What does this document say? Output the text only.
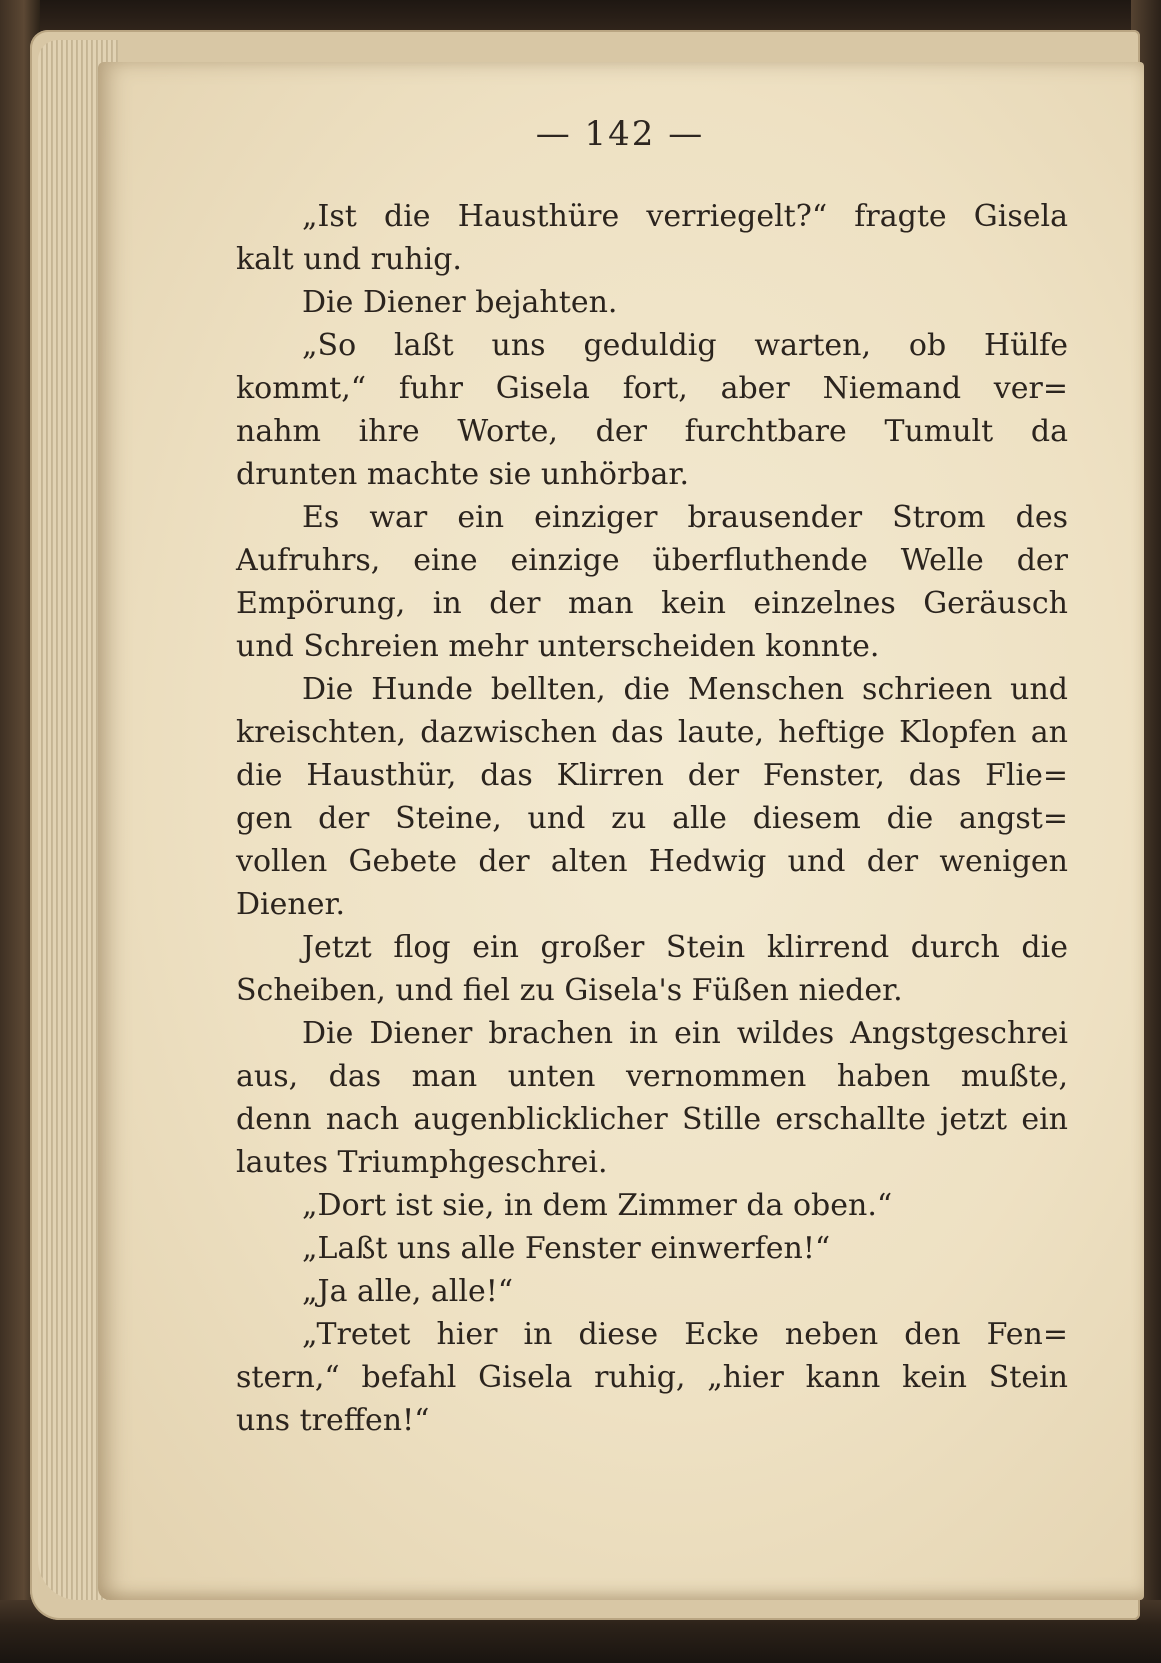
— 142 —
„Ist die Hausthüre verriegelt?“ fragte Gisela
kalt und ruhig.
Die Diener bejahten.
„So laßt uns geduldig warten, ob Hülfe
kommt,“ fuhr Gisela fort, aber Niemand ver=
nahm ihre Worte, der furchtbare Tumult da
drunten machte sie unhörbar.
Es war ein einziger brausender Strom des
Aufruhrs, eine einzige überfluthende Welle der
Empörung, in der man kein einzelnes Geräusch
und Schreien mehr unterscheiden konnte.
Die Hunde bellten, die Menschen schrieen und
kreischten, dazwischen das laute, heftige Klopfen an
die Hausthür, das Klirren der Fenster, das Flie=
gen der Steine, und zu alle diesem die angst=
vollen Gebete der alten Hedwig und der wenigen
Diener.
Jetzt flog ein großer Stein klirrend durch die
Scheiben, und fiel zu Gisela's Füßen nieder.
Die Diener brachen in ein wildes Angstgeschrei
aus, das man unten vernommen haben mußte,
denn nach augenblicklicher Stille erschallte jetzt ein
lautes Triumphgeschrei.
„Dort ist sie, in dem Zimmer da oben.“
„Laßt uns alle Fenster einwerfen!“
„Ja alle, alle!“
„Tretet hier in diese Ecke neben den Fen=
stern,“ befahl Gisela ruhig, „hier kann kein Stein
uns treffen!“
